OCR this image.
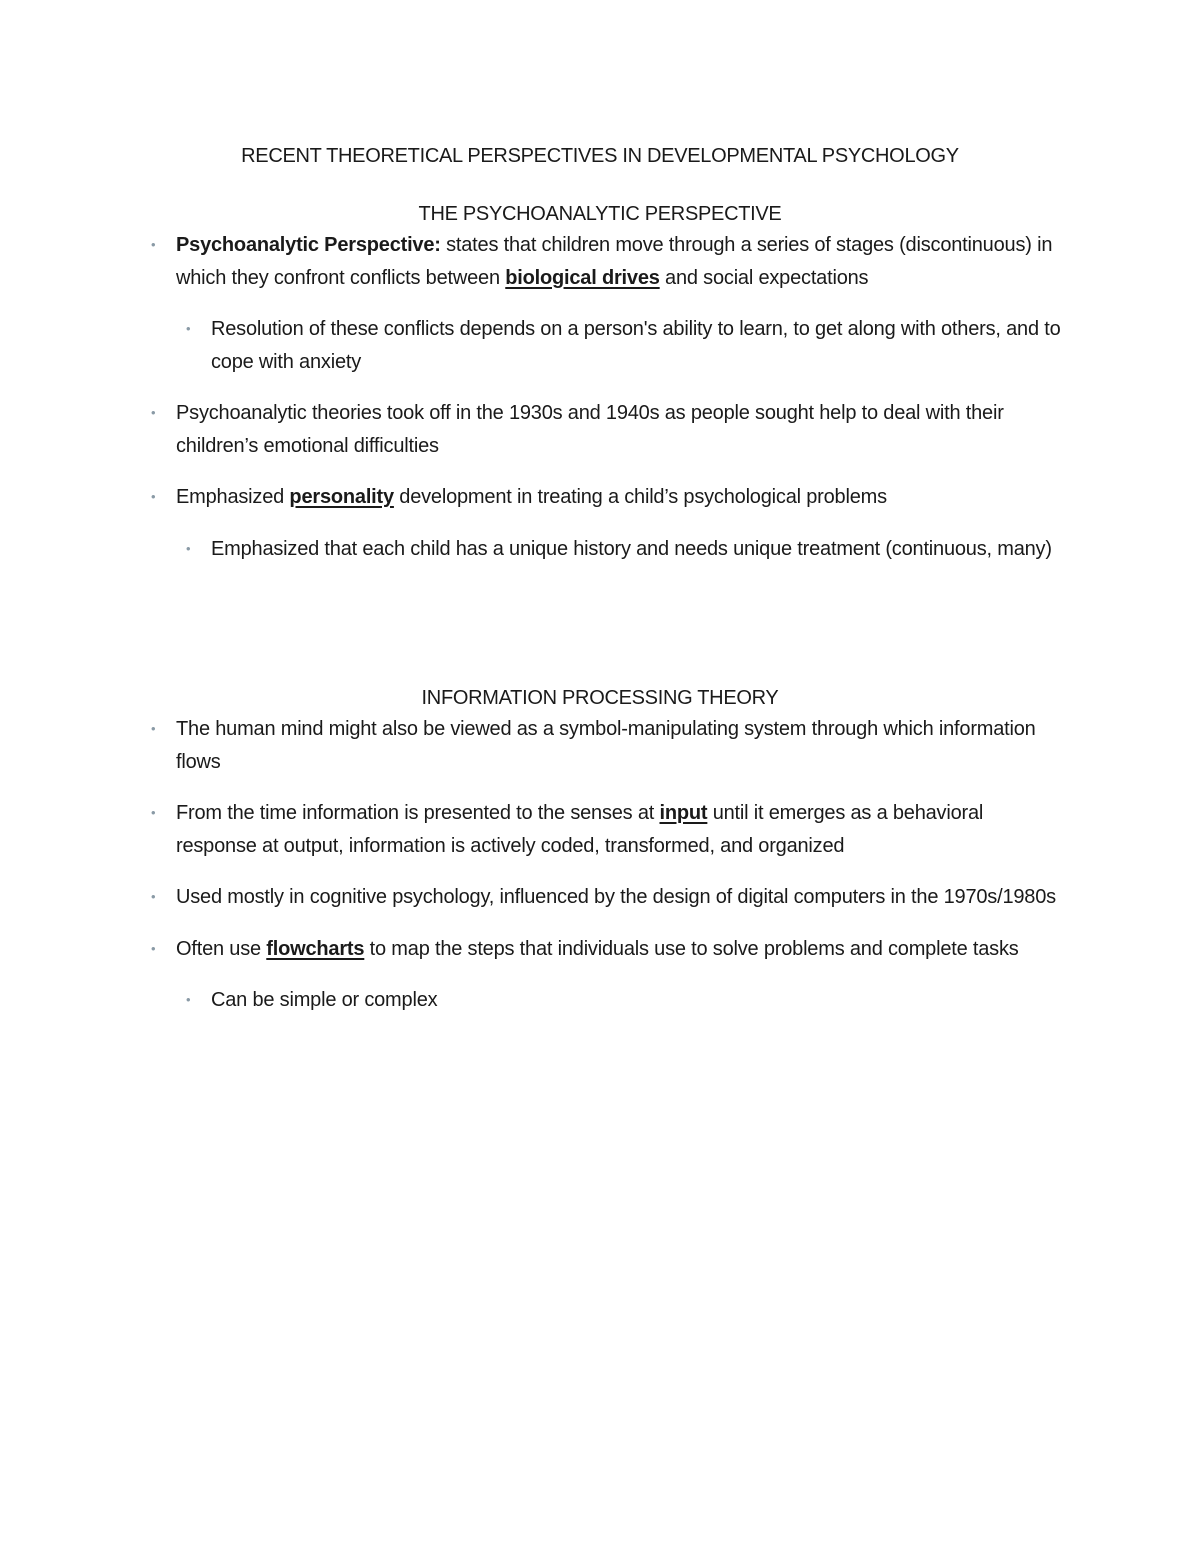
RECENT THEORETICAL PERSPECTIVES IN DEVELOPMENTAL PSYCHOLOGY
THE PSYCHOANALYTIC PERSPECTIVE
• Psychoanalytic Perspective: states that children move through a series of stages (discontinuous) in which they confront conflicts between biological drives and social expectations
• Resolution of these conflicts depends on a person's ability to learn, to get along with others, and to cope with anxiety
• Psychoanalytic theories took off in the 1930s and 1940s as people sought help to deal with their children’s emotional difficulties
• Emphasized personality development in treating a child’s psychological problems
• Emphasized that each child has a unique history and needs unique treatment (continuous, many)
INFORMATION PROCESSING THEORY
• The human mind might also be viewed as a symbol-manipulating system through which information flows
• From the time information is presented to the senses at input until it emerges as a behavioral response at output, information is actively coded, transformed, and organized
• Used mostly in cognitive psychology, influenced by the design of digital computers in the 1970s/1980s
• Often use flowcharts to map the steps that individuals use to solve problems and complete tasks
• Can be simple or complex
